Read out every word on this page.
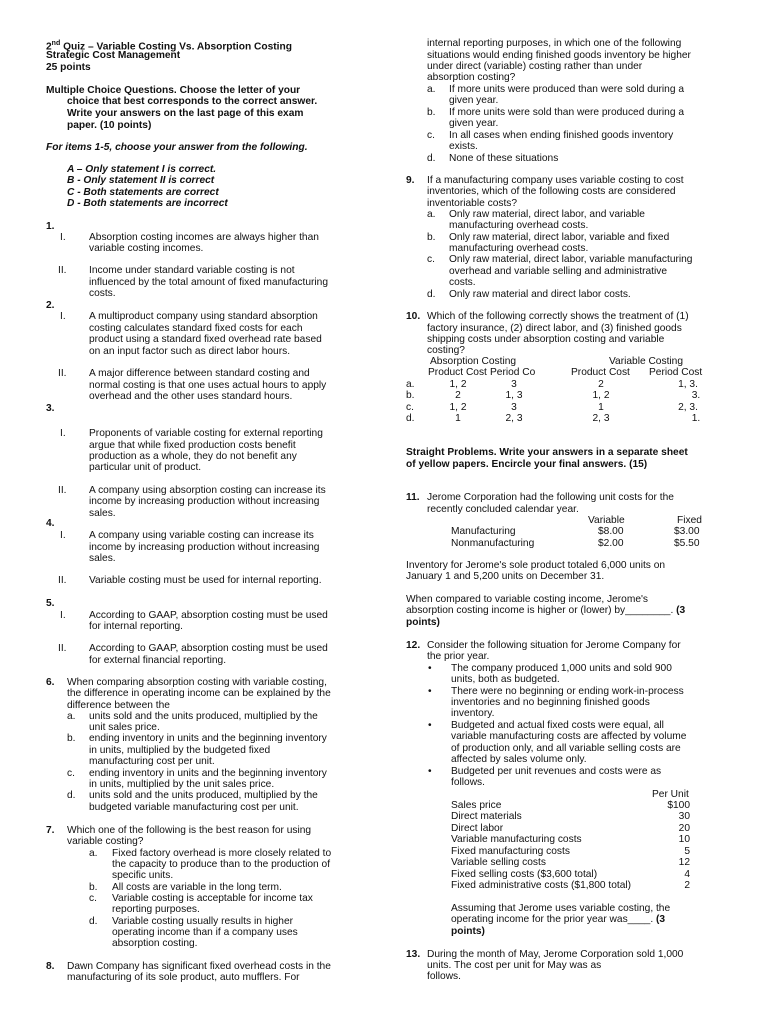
2nd Quiz – Variable Costing Vs. Absorption Costing
Strategic Cost Management
25 points
Multiple Choice Questions. Choose the letter of your
choice that best corresponds to the correct answer.
Write your answers on the last page of this exam
paper. (10 points)
For items 1-5, choose your answer from the following.
A – Only statement I is correct.
B - Only statement II is correct
C - Both statements are correct
D - Both statements are incorrect
1.
I. Absorption costing incomes are always higher than
variable costing incomes.
II. Income under standard variable costing is not
influenced by the total amount of fixed manufacturing
costs.
2.
I. A multiproduct company using standard absorption
costing calculates standard fixed costs for each
product using a standard fixed overhead rate based
on an input factor such as direct labor hours.
II. A major difference between standard costing and
normal costing is that one uses actual hours to apply
overhead and the other uses standard hours.
3.
I. Proponents of variable costing for external reporting
argue that while fixed production costs benefit
production as a whole, they do not benefit any
particular unit of product.
II. A company using absorption costing can increase its
income by increasing production without increasing
sales.
4.
I. A company using variable costing can increase its
income by increasing production without increasing
sales.
II. Variable costing must be used for internal reporting.
5.
I. According to GAAP, absorption costing must be used
for internal reporting.
II. According to GAAP, absorption costing must be used
for external financial reporting.
6. When comparing absorption costing with variable costing,
the difference in operating income can be explained by the
difference between the
a. units sold and the units produced, multiplied by the
unit sales price.
b. ending inventory in units and the beginning inventory
in units, multiplied by the budgeted fixed
manufacturing cost per unit.
c. ending inventory in units and the beginning inventory
in units, multiplied by the unit sales price.
d. units sold and the units produced, multiplied by the
budgeted variable manufacturing cost per unit.
7. Which one of the following is the best reason for using
variable costing?
a. Fixed factory overhead is more closely related to
the capacity to produce than to the production of
specific units.
b. All costs are variable in the long term.
c. Variable costing is acceptable for income tax
reporting purposes.
d. Variable costing usually results in higher
operating income than if a company uses
absorption costing.
8. Dawn Company has significant fixed overhead costs in the
manufacturing of its sole product, auto mufflers. For
internal reporting purposes, in which one of the following
situations would ending finished goods inventory be higher
under direct (variable) costing rather than under
absorption costing?
a. If more units were produced than were sold during a
given year.
b. If more units were sold than were produced during a
given year.
c. In all cases when ending finished goods inventory
exists.
d. None of these situations
9. If a manufacturing company uses variable costing to cost
inventories, which of the following costs are considered
inventoriable costs?
a. Only raw material, direct labor, and variable
manufacturing overhead costs.
b. Only raw material, direct labor, variable and fixed
manufacturing overhead costs.
c. Only raw material, direct labor, variable manufacturing
overhead and variable selling and administrative
costs.
d. Only raw material and direct labor costs.
10. Which of the following correctly shows the treatment of (1)
factory insurance, (2) direct labor, and (3) finished goods
shipping costs under absorption costing and variable
costing?
Absorption Costing	Variable Costing
Product Cost Period Co	Product Cost Period Cost
a.	1, 2	3	2	1, 3.
b.	2	1, 3	1, 2	3.
c.	1, 2	3	1	2, 3.
d.	1	2, 3	2, 3	1.
Straight Problems. Write your answers in a separate sheet
of yellow papers. Encircle your final answers. (15)
11. Jerome Corporation had the following unit costs for the
recently concluded calendar year.
Variable	Fixed
Manufacturing	$8.00	$3.00
Nonmanufacturing	$2.00	$5.50
Inventory for Jerome's sole product totaled 6,000 units on
January 1 and 5,200 units on December 31.
When compared to variable costing income, Jerome's
absorption costing income is higher or (lower) by________. (3
points)
12. Consider the following situation for Jerome Company for
the prior year.
• The company produced 1,000 units and sold 900
units, both as budgeted.
• There were no beginning or ending work-in-process
inventories and no beginning finished goods
inventory.
• Budgeted and actual fixed costs were equal, all
variable manufacturing costs are affected by volume
of production only, and all variable selling costs are
affected by sales volume only.
• Budgeted per unit revenues and costs were as
follows.
Per Unit
Sales price	$100
Direct materials	30
Direct labor	20
Variable manufacturing costs	10
Fixed manufacturing costs	5
Variable selling costs	12
Fixed selling costs ($3,600 total)	4
Fixed administrative costs ($1,800 total)	2
Assuming that Jerome uses variable costing, the
operating income for the prior year was____. (3
points)
13. During the month of May, Jerome Corporation sold 1,000
units. The cost per unit for May was as
follows.
